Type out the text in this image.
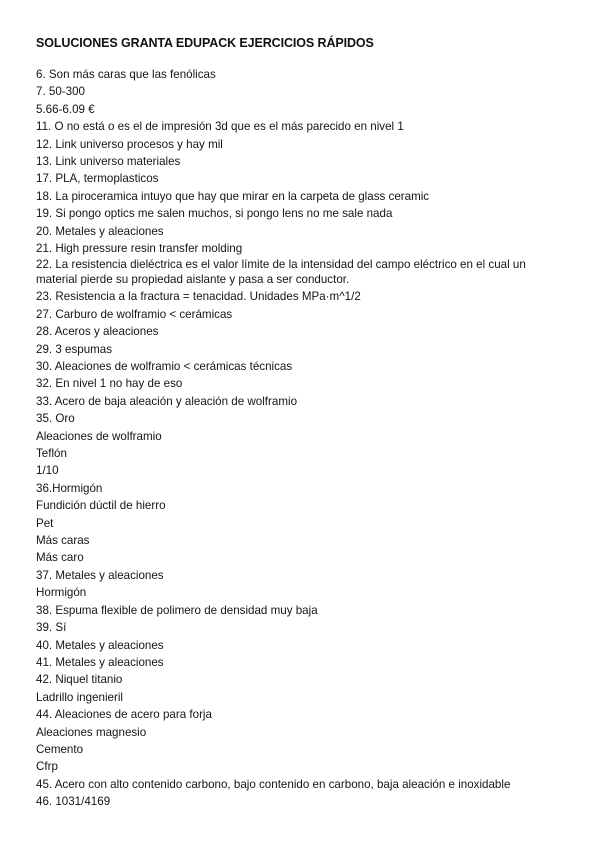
SOLUCIONES GRANTA EDUPACK EJERCICIOS RÁPIDOS
6. Son más caras que las fenólicas
7. 50-300
5.66-6.09 €
11. O no está o es el de impresión 3d que es el más parecido en nivel 1
12. Link universo procesos y hay mil
13. Link universo materiales
17. PLA, termoplasticos
18. La piroceramica intuyo que hay que mirar en la carpeta de glass ceramic
19. Si pongo optics me salen muchos, si pongo lens no me sale nada
20. Metales y aleaciones
21. High pressure resin transfer molding
22. La resistencia dieléctrica es el valor límite de la intensidad del campo eléctrico en el cual un material pierde su propiedad aislante y pasa a ser conductor.
23. Resistencia a la fractura = tenacidad. Unidades MPa·m^1/2
27. Carburo de wolframio < cerámicas
28. Aceros y aleaciones
29. 3 espumas
30. Aleaciones de wolframio < cerámicas técnicas
32. En nivel 1 no hay de eso
33. Acero de baja aleación y aleación de wolframio
35. Oro
Aleaciones de wolframio
Teflón
1/10
36.Hormigón
Fundición dúctil de hierro
Pet
Más caras
Más caro
37. Metales y aleaciones
Hormigón
38. Espuma flexible de polimero de densidad muy baja
39. Sí
40. Metales y aleaciones
41. Metales y aleaciones
42. Niquel titanio
Ladrillo ingenieril
44. Aleaciones de acero para forja
Aleaciones magnesio
Cemento
Cfrp
45. Acero con alto contenido carbono, bajo contenido en carbono, baja aleación e inoxidable
46. 1031/4169
